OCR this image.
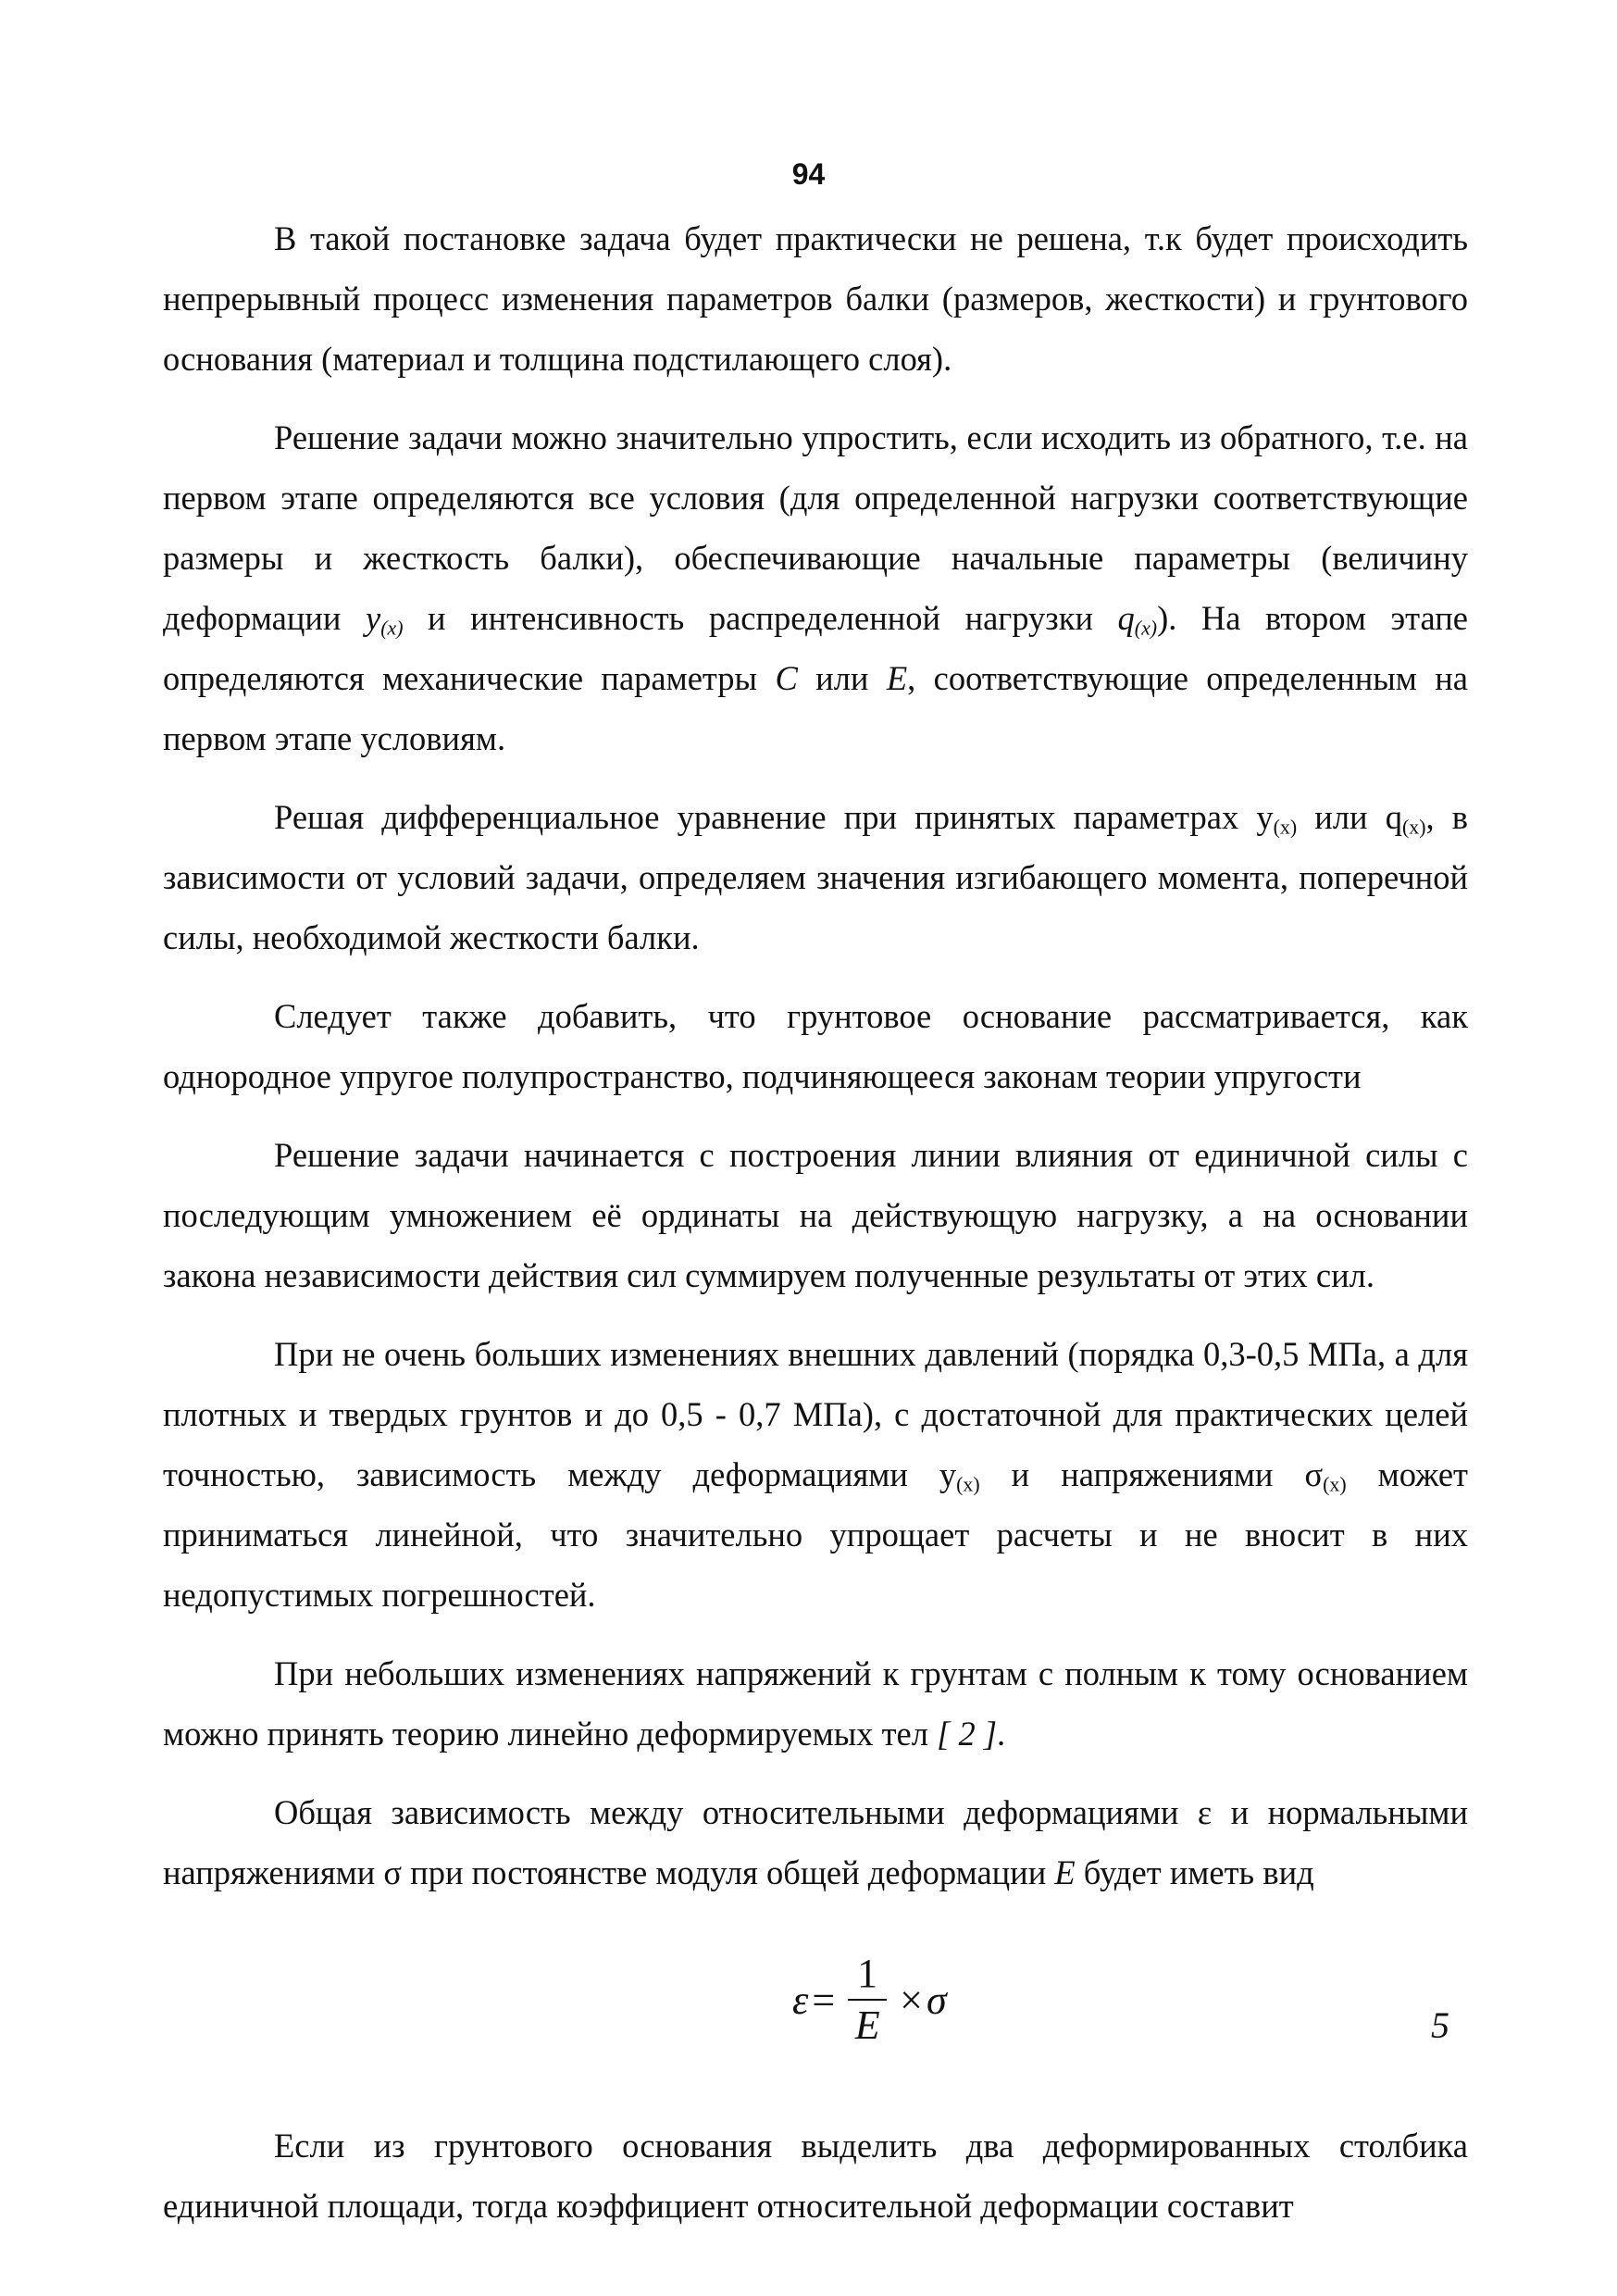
94

В такой постановке задача будет практически не решена, т.к будет происходить непрерывный процесс изменения параметров балки (размеров, жесткости) и грунтового основания (материал и толщина подстилающего слоя).

Решение задачи можно значительно упростить, если исходить из обратного, т.е. на первом этапе определяются все условия (для определенной нагрузки соответствующие размеры и жесткость балки), обеспечивающие начальные параметры (величину деформации $y_{(x)}$ и интенсивность распределенной нагрузки $q_{(x)}$). На втором этапе определяются механические параметры C или E, соответствующие определенным на первом этапе условиям.

Решая дифференциальное уравнение при принятых параметрах $y_{(x)}$ или $q_{(x)}$, в зависимости от условий задачи, определяем значения изгибающего момента, поперечной силы, необходимой жесткости балки.

Следует также добавить, что грунтовое основание рассматривается, как однородное упругое полупространство, подчиняющееся законам теории упругости

Решение задачи начинается с построения линии влияния от единичной силы с последующим умножением её ординаты на действующую нагрузку, а на основании закона независимости действия сил суммируем полученные результаты от этих сил.

При не очень больших изменениях внешних давлений (порядка 0,3-0,5 МПа, а для плотных и твердых грунтов и до 0,5 - 0,7 МПа), с достаточной для практических целей точностью, зависимость между деформациями $y_{(x)}$ и напряжениями $\sigma_{(x)}$ может приниматься линейной, что значительно упрощает расчеты и не вносит в них недопустимых погрешностей.

При небольших изменениях напряжений к грунтам с полным к тому основанием можно принять теорию линейно деформируемых тел [ 2 ].

Общая зависимость между относительными деформациями ε и нормальными напряжениями σ при постоянстве модуля общей деформации E будет иметь вид

$\varepsilon = \frac{1}{E} \times \sigma$
5

Если из грунтового основания выделить два деформированных столбика единичной площади, тогда коэффициент относительной деформации составит
